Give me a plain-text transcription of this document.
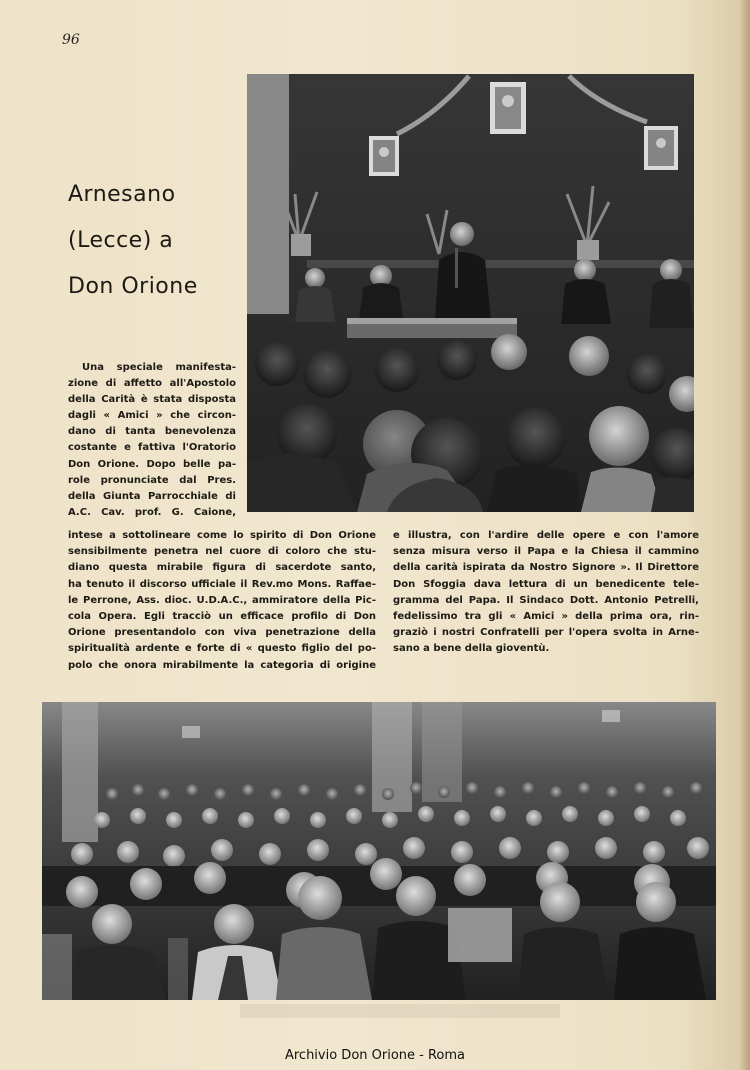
96
Arnesano
(Lecce) a
Don Orione
Una speciale manifesta-
zione di affetto all'Apostolo
della Carità è stata disposta
dagli « Amici » che circon-
dano di tanta benevolenza
costante e fattiva l'Oratorio
Don Orione. Dopo belle pa-
role pronunciate dal Pres.
della Giunta Parrocchiale di
A.C. Cav. prof. G. Caione,
intese a sottolineare come lo spirito di Don Orione
sensibilmente penetra nel cuore di coloro che stu-
diano questa mirabile figura di sacerdote santo,
ha tenuto il discorso ufficiale il Rev.mo Mons. Raffae-
le Perrone, Ass. dioc. U.D.A.C., ammiratore della Pic-
cola Opera. Egli tracciò un efficace profilo di Don
Orione presentandolo con viva penetrazione della
spiritualità ardente e forte di « questo figlio del po-
polo che onora mirabilmente la categoria di origine
e illustra, con l'ardire delle opere e con l'amore
senza misura verso il Papa e la Chiesa il cammino
della carità ispirata da Nostro Signore ». Il Direttore
Don Sfoggia dava lettura di un benedicente tele-
gramma del Papa. Il Sindaco Dott. Antonio Petrelli,
fedelissimo tra gli « Amici » della prima ora, rin-
graziò i nostri Confratelli per l'opera svolta in Arne-
sano a bene della gioventù.
Archivio Don Orione - Roma
